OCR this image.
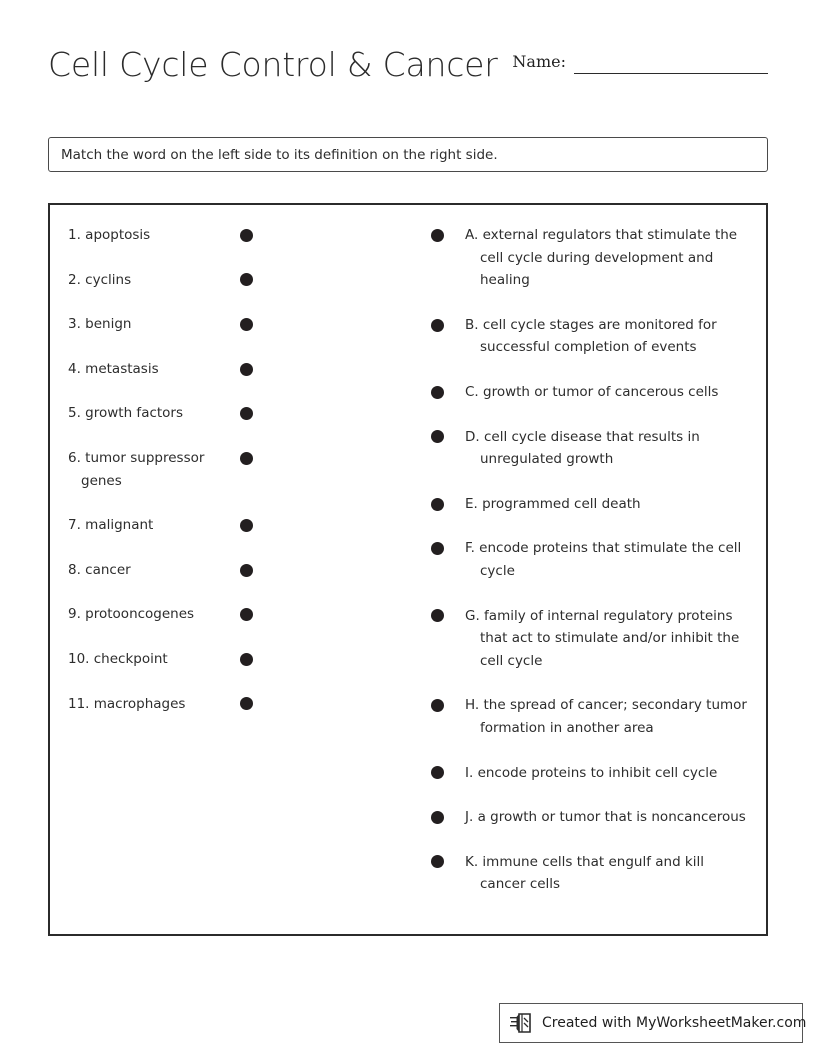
Cell Cycle Control & Cancer Name:
Match the word on the left side to its definition on the right side.
1. apoptosis
2. cyclins
3. benign
4. metastasis
5. growth factors
6. tumor suppressor genes
7. malignant
8. cancer
9. protooncogenes
10. checkpoint
11. macrophages
A. external regulators that stimulate the cell cycle during development and healing
B. cell cycle stages are monitored for successful completion of events
C. growth or tumor of cancerous cells
D. cell cycle disease that results in unregulated growth
E. programmed cell death
F. encode proteins that stimulate the cell cycle
G. family of internal regulatory proteins that act to stimulate and/or inhibit the cell cycle
H. the spread of cancer; secondary tumor formation in another area
I. encode proteins to inhibit cell cycle
J. a growth or tumor that is noncancerous
K. immune cells that engulf and kill cancer cells
Created with MyWorksheetMaker.com
